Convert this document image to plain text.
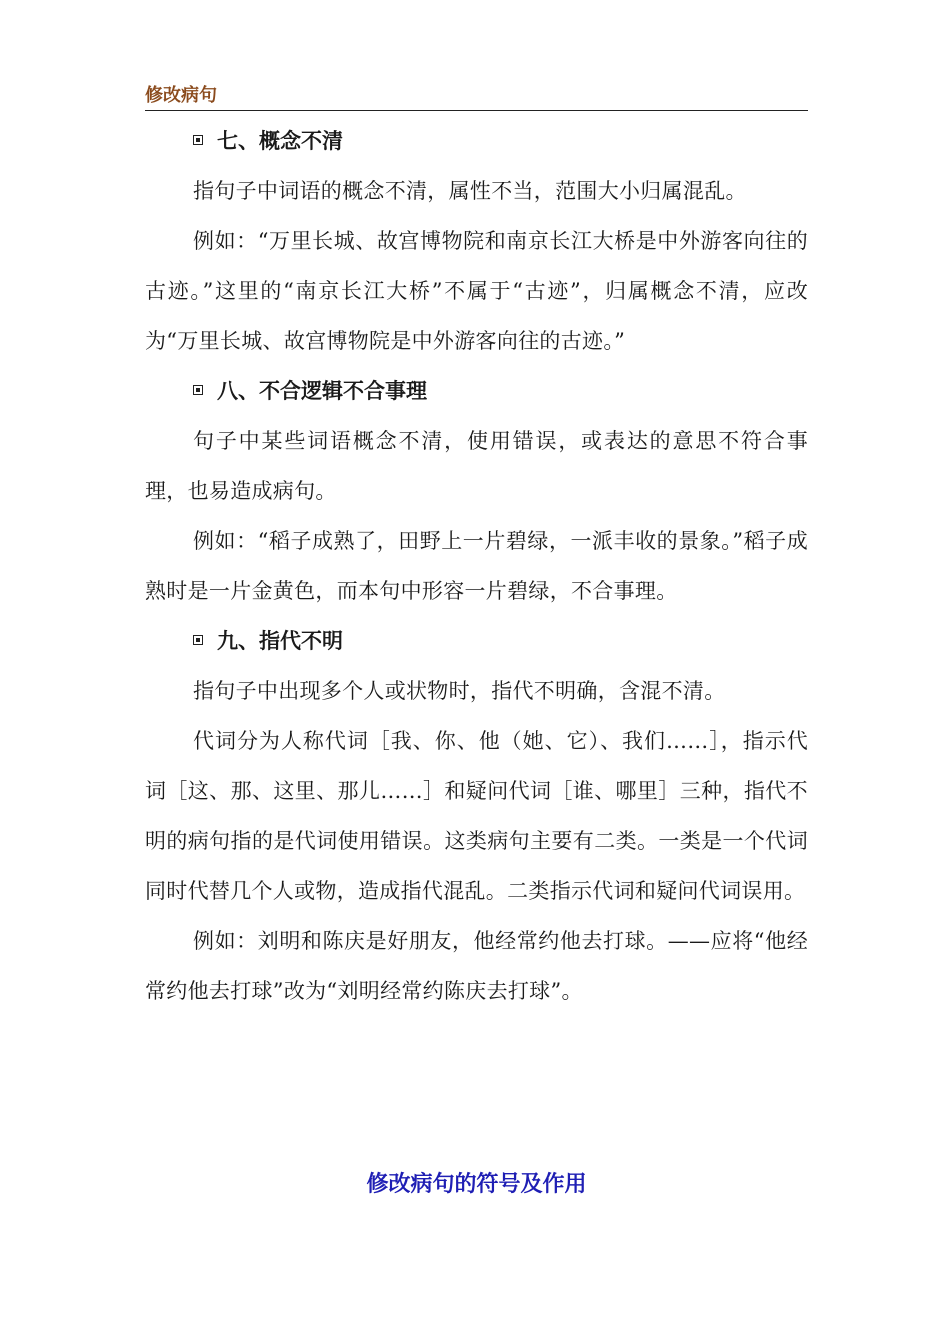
修改病句
七、概念不清

指句子中词语的概念不清，属性不当，范围大小归属混乱。

例如：“万里长城、故宫博物院和南京长江大桥是中外游客向往的古迹。”这里的“南京长江大桥”不属于“古迹”，归属概念不清，应改为“万里长城、故宫博物院是中外游客向往的古迹。”

八、不合逻辑不合事理

句子中某些词语概念不清，使用错误，或表达的意思不符合事理，也易造成病句。

例如：“稻子成熟了，田野上一片碧绿，一派丰收的景象。”稻子成熟时是一片金黄色，而本句中形容一片碧绿，不合事理。

九、指代不明

指句子中出现多个人或状物时，指代不明确，含混不清。

代词分为人称代词［我、你、他（她、它）、我们……］，指示代词［这、那、这里、那儿……］和疑问代词［谁、哪里］三种，指代不明的病句指的是代词使用错误。这类病句主要有二类。一类是一个代词同时代替几个人或物，造成指代混乱。二类指示代词和疑问代词误用。

例如：刘明和陈庆是好朋友，他经常约他去打球。——应将“他经常约他去打球”改为“刘明经常约陈庆去打球”。

修改病句的符号及作用
